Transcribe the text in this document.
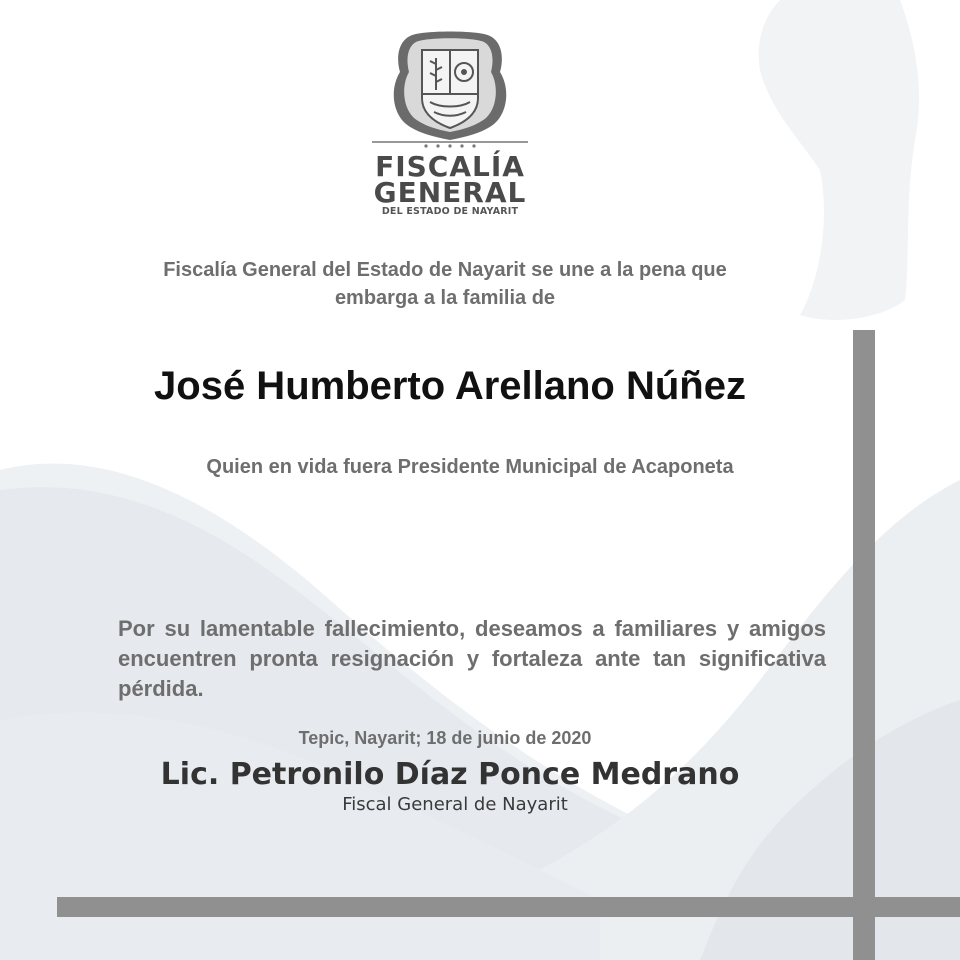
FISCALÍA
GENERAL
DEL ESTADO DE NAYARIT
Fiscalía General del Estado de Nayarit se une a la pena que embarga a la familia de
José Humberto Arellano Núñez
Quien en vida fuera Presidente Municipal de Acaponeta
Por su lamentable fallecimiento, deseamos a familiares y amigos encuentren pronta resignación y fortaleza ante tan significativa pérdida.
Tepic, Nayarit; 18 de junio de 2020
Lic. Petronilo Díaz Ponce Medrano
Fiscal General de Nayarit
